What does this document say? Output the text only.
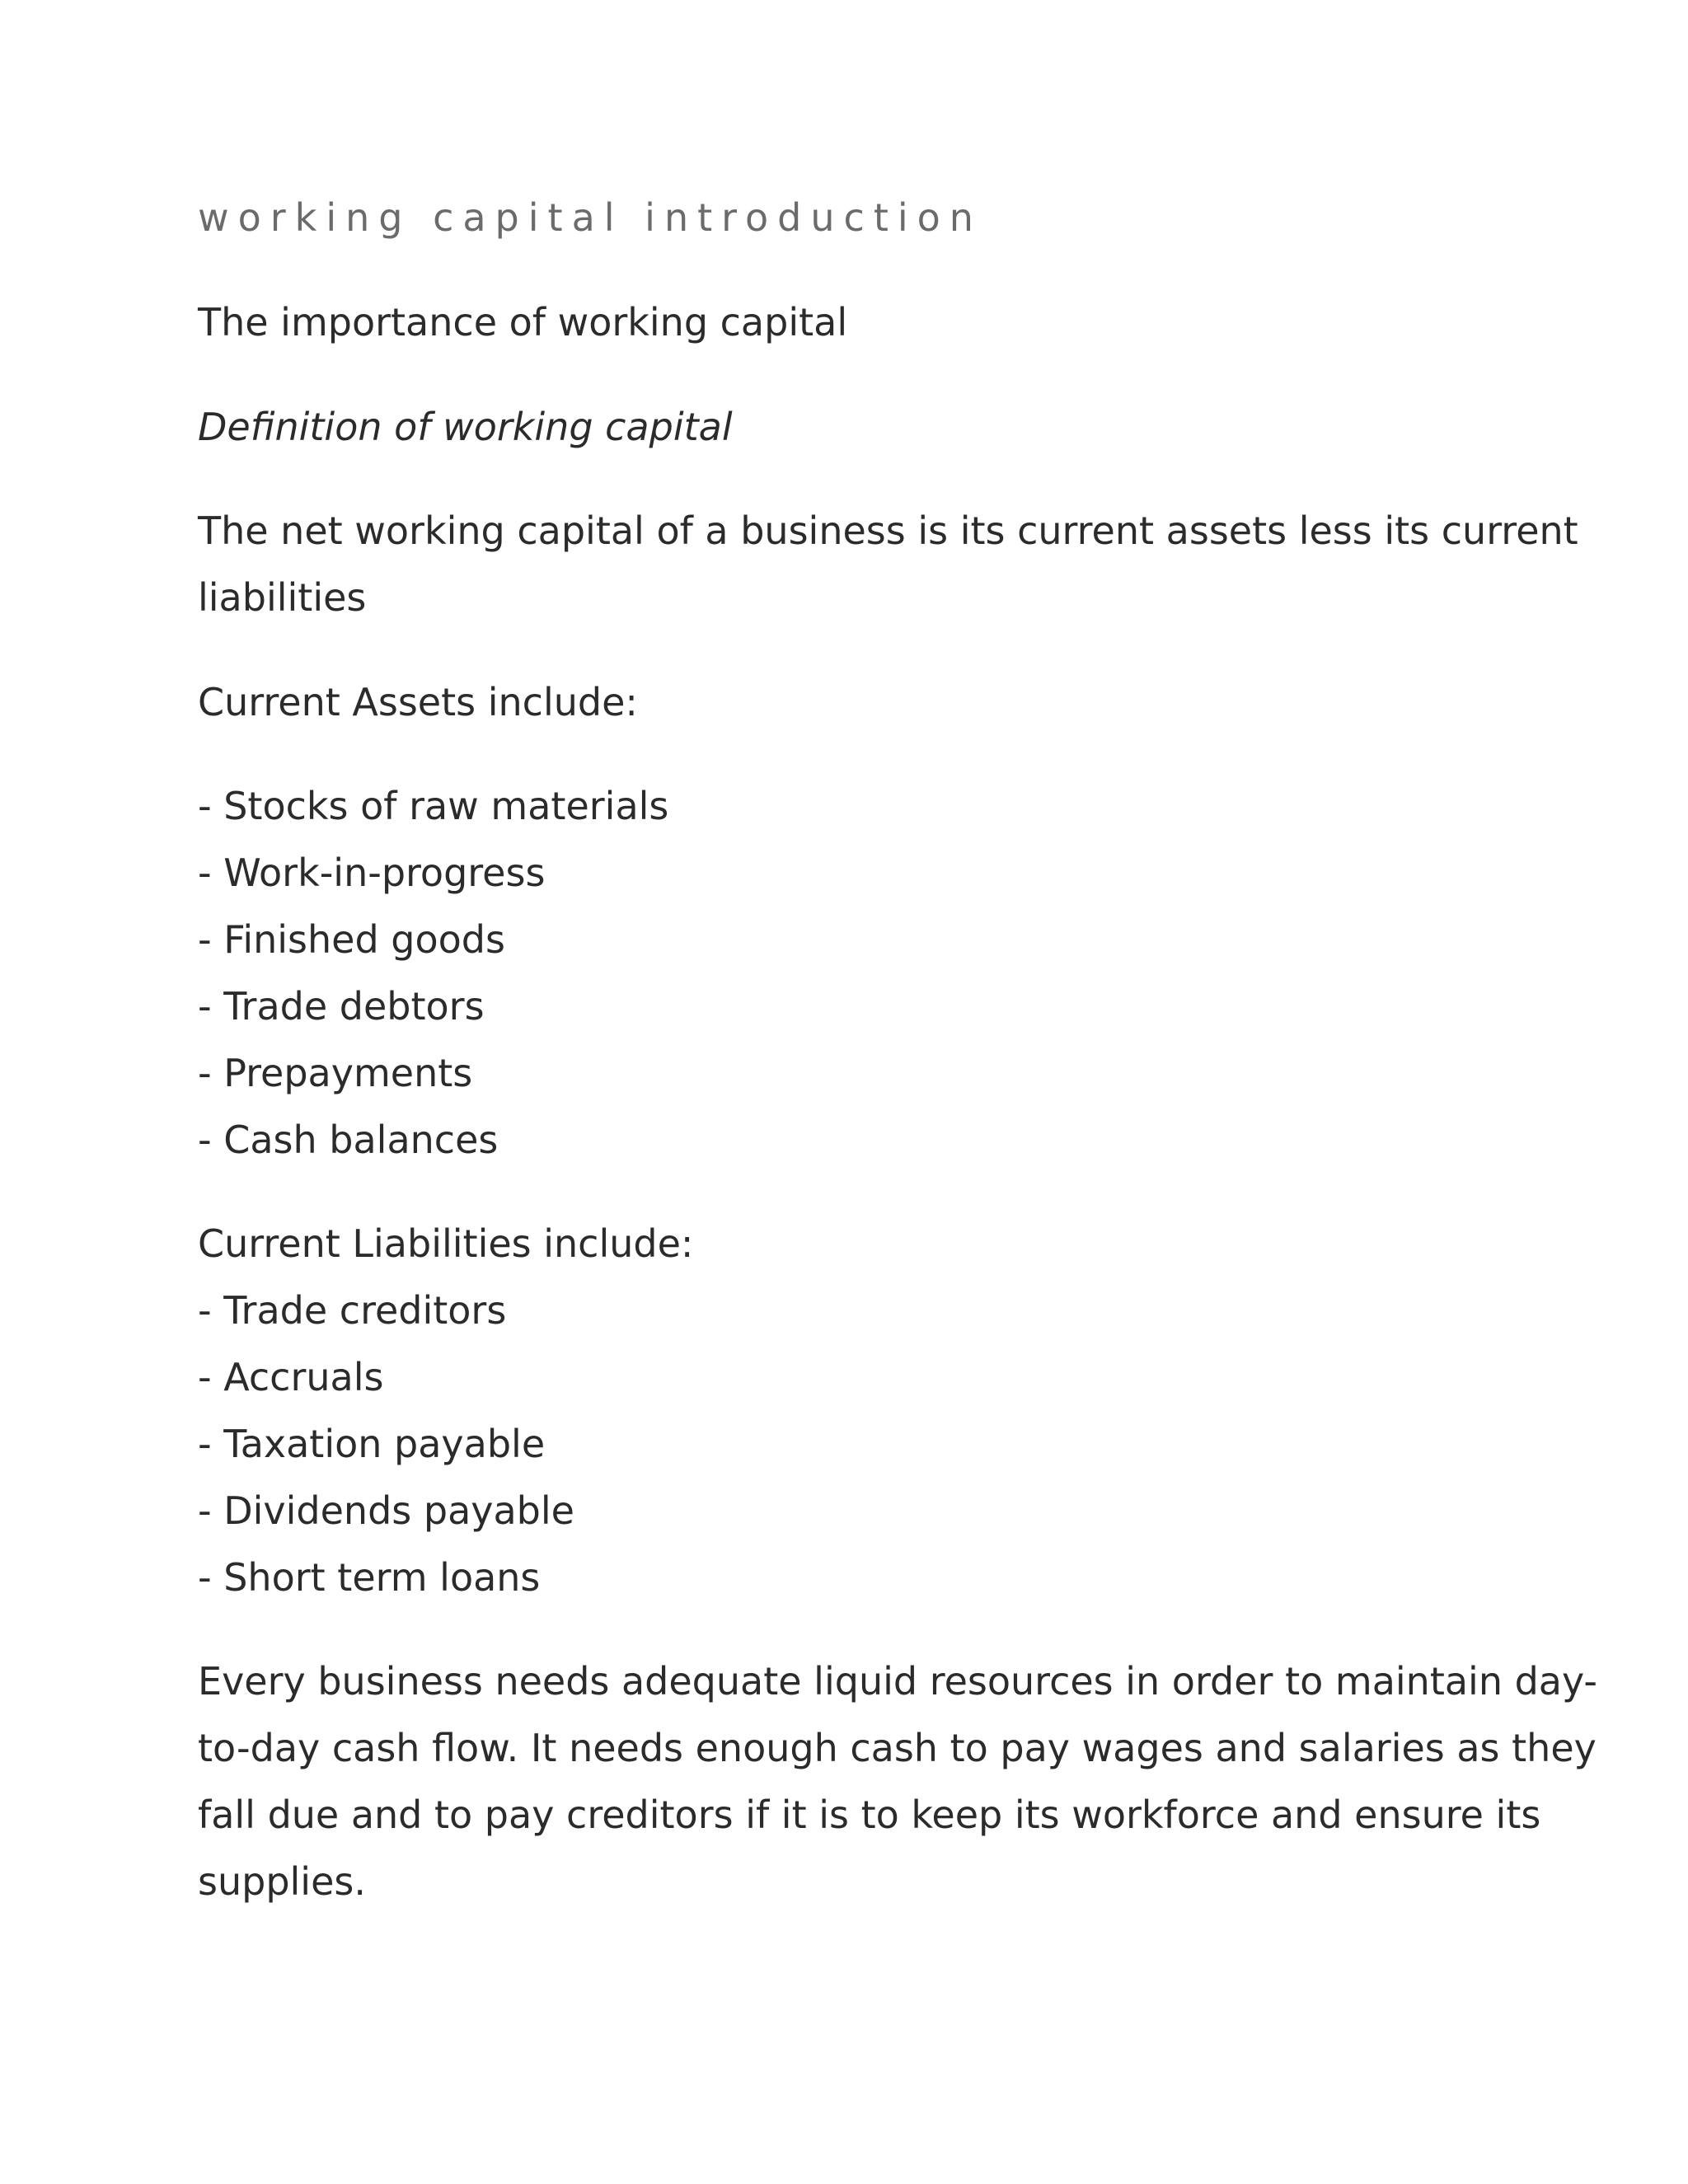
working capital introduction
The importance of working capital
Definition of working capital
The net working capital of a business is its current assets less its current
liabilities
Current Assets include:
- Stocks of raw materials
- Work-in-progress
- Finished goods
- Trade debtors
- Prepayments
- Cash balances
Current Liabilities include:
- Trade creditors
- Accruals
- Taxation payable
- Dividends payable
- Short term loans
Every business needs adequate liquid resources in order to maintain day-
to-day cash flow. It needs enough cash to pay wages and salaries as they
fall due and to pay creditors if it is to keep its workforce and ensure its
supplies.
